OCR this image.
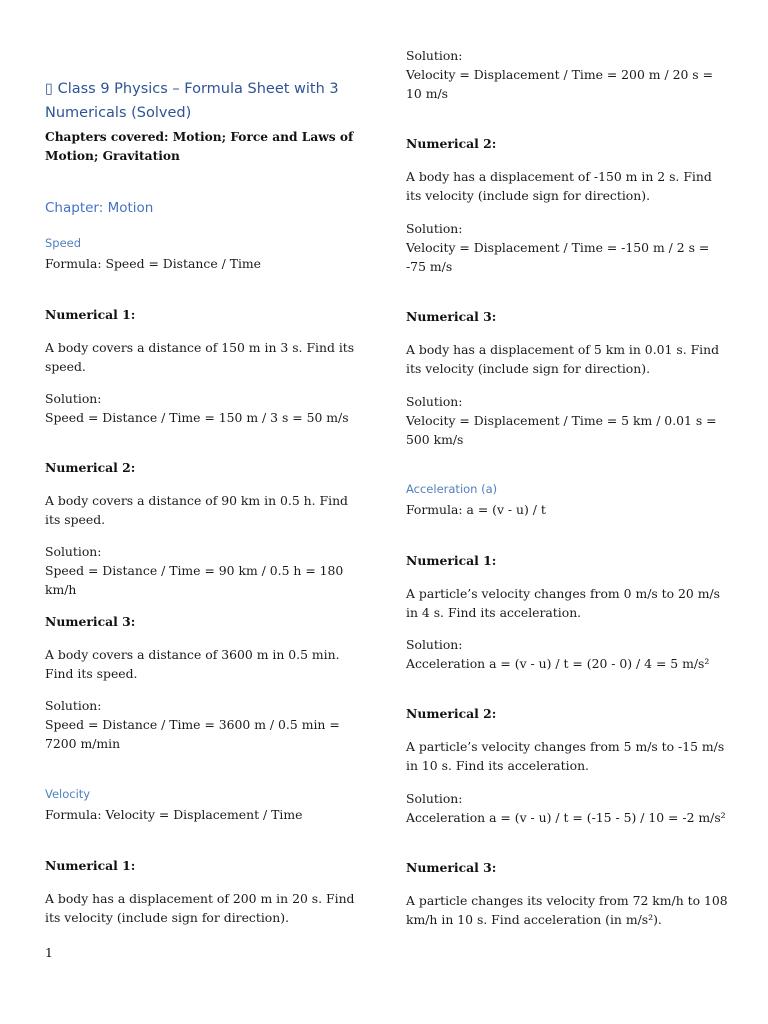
▯ Class 9 Physics – Formula Sheet with 3 Numericals (Solved)
Chapters covered: Motion; Force and Laws of Motion; Gravitation
Chapter: Motion
Speed
Formula: Speed = Distance / Time
Numerical 1:
A body covers a distance of 150 m in 3 s. Find its speed.
Solution:
Speed = Distance / Time = 150 m / 3 s = 50 m/s
Numerical 2:
A body covers a distance of 90 km in 0.5 h. Find its speed.
Solution:
Speed = Distance / Time = 90 km / 0.5 h = 180 km/h
Numerical 3:
A body covers a distance of 3600 m in 0.5 min. Find its speed.
Solution:
Speed = Distance / Time = 3600 m / 0.5 min = 7200 m/min
Velocity
Formula: Velocity = Displacement / Time
Numerical 1:
A body has a displacement of 200 m in 20 s. Find its velocity (include sign for direction).
Solution:
Velocity = Displacement / Time = 200 m / 20 s = 10 m/s
Numerical 2:
A body has a displacement of -150 m in 2 s. Find its velocity (include sign for direction).
Solution:
Velocity = Displacement / Time = -150 m / 2 s = -75 m/s
Numerical 3:
A body has a displacement of 5 km in 0.01 s. Find its velocity (include sign for direction).
Solution:
Velocity = Displacement / Time = 5 km / 0.01 s = 500 km/s
Acceleration (a)
Formula: a = (v - u) / t
Numerical 1:
A particle’s velocity changes from 0 m/s to 20 m/s in 4 s. Find its acceleration.
Solution:
Acceleration a = (v - u) / t = (20 - 0) / 4 = 5 m/s²
Numerical 2:
A particle’s velocity changes from 5 m/s to -15 m/s in 10 s. Find its acceleration.
Solution:
Acceleration a = (v - u) / t = (-15 - 5) / 10 = -2 m/s²
Numerical 3:
A particle changes its velocity from 72 km/h to 108 km/h in 10 s. Find acceleration (in m/s²).
1
